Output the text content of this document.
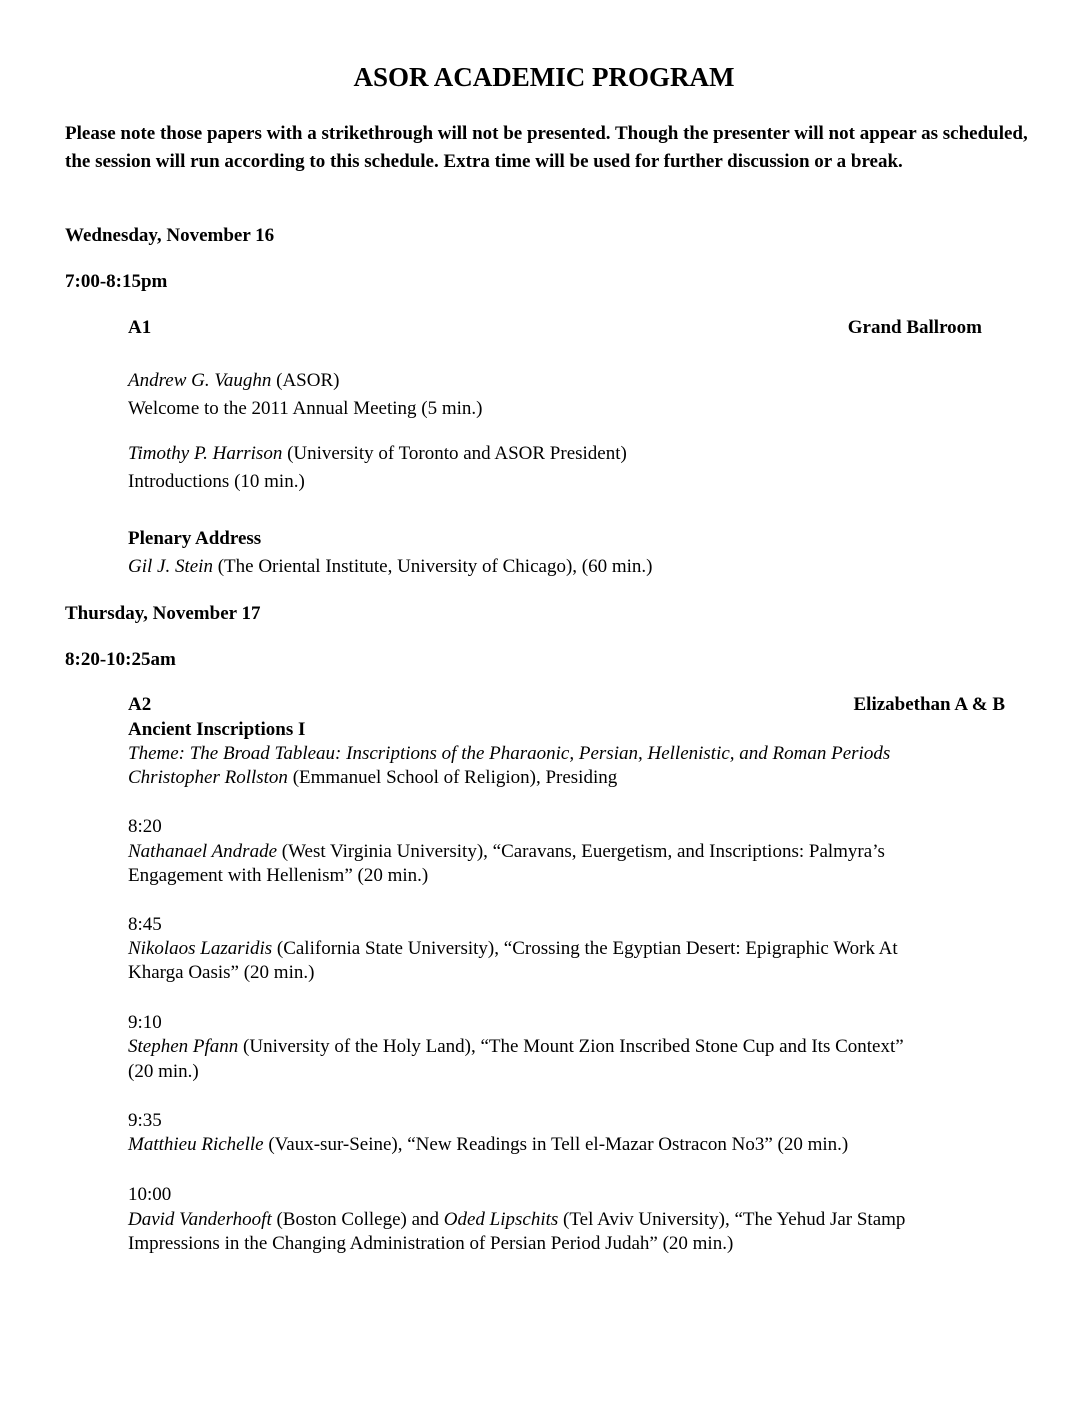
ASOR ACADEMIC PROGRAM
Please note those papers with a strikethrough will not be presented. Though the presenter will not appear as scheduled, the session will run according to this schedule. Extra time will be used for further discussion or a break.
Wednesday, November 16
7:00-8:15pm
A1	Grand Ballroom
Andrew G. Vaughn (ASOR)
Welcome to the 2011 Annual Meeting (5 min.)
Timothy P. Harrison (University of Toronto and ASOR President)
Introductions (10 min.)
Plenary Address
Gil J. Stein (The Oriental Institute, University of Chicago), (60 min.)
Thursday, November 17
8:20-10:25am
A2	Elizabethan A & B
Ancient Inscriptions I
Theme: The Broad Tableau: Inscriptions of the Pharaonic, Persian, Hellenistic, and Roman Periods
Christopher Rollston (Emmanuel School of Religion), Presiding
8:20
Nathanael Andrade (West Virginia University), “Caravans, Euergetism, and Inscriptions: Palmyra’s
Engagement with Hellenism” (20 min.)
8:45
Nikolaos Lazaridis (California State University), “Crossing the Egyptian Desert: Epigraphic Work At
Kharga Oasis” (20 min.)
9:10
Stephen Pfann (University of the Holy Land), “The Mount Zion Inscribed Stone Cup and Its Context”
(20 min.)
9:35
Matthieu Richelle (Vaux-sur-Seine), “New Readings in Tell el-Mazar Ostracon No3” (20 min.)
10:00
David Vanderhooft (Boston College) and Oded Lipschits (Tel Aviv University), “The Yehud Jar Stamp
Impressions in the Changing Administration of Persian Period Judah” (20 min.)
